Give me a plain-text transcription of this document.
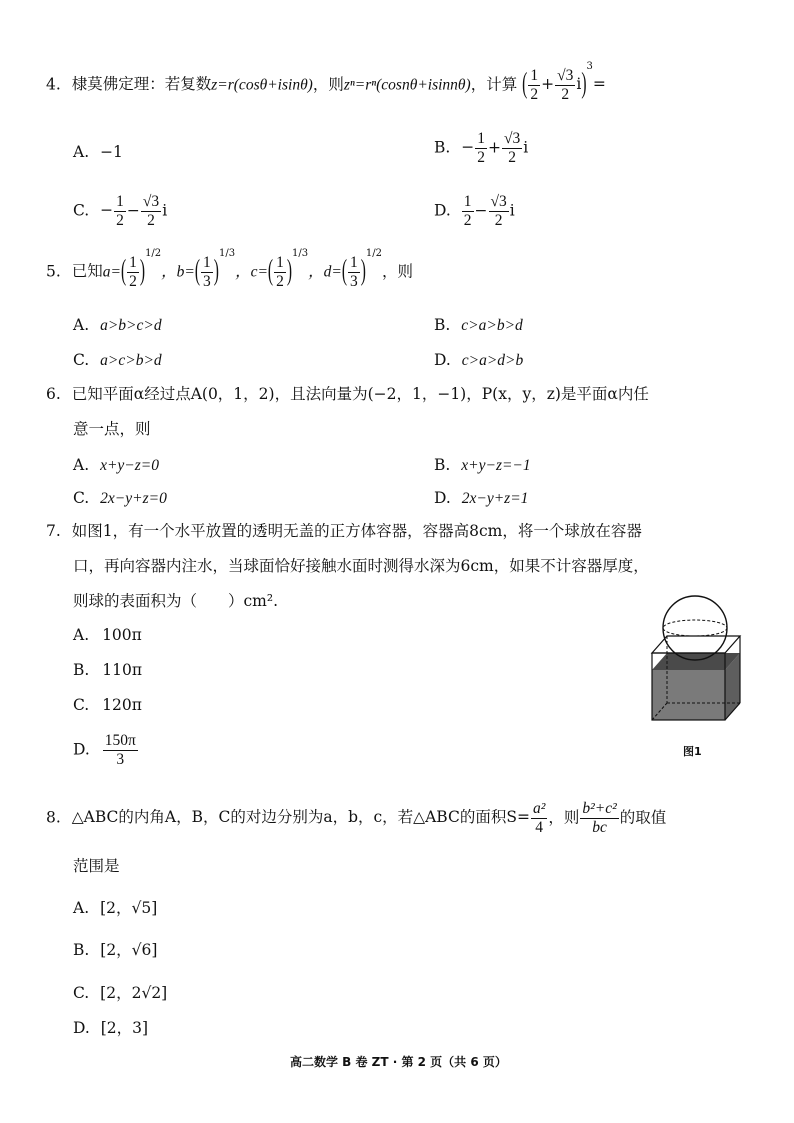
4. 棣莫佛定理：若复数z=r(cosθ+isinθ)，则zⁿ=rⁿ(cosnθ+isinnθ)，计算 ( $\frac{1}{2} + \frac{√3}{2} i)^3=$
A. −1	B. − $\frac{1}{2} + \frac{√3}{2}$ i
C. − $\frac{1}{2} - \frac{√3}{2}$ i	D. $\frac{1}{2} - \frac{√3}{2}$ i
5. 已知$a=( \frac{1}{2} )^{1/2}$，$b=( \frac{1}{3} )^{1/3}$，$c=( \frac{1}{2} )^{1/3}$，$d=( \frac{1}{3} )^{1/2}$，则
A. a>b>c>d	B. c>a>b>d
C. a>c>b>d	D. c>a>d>b
6. 已知平面α经过点A(0，1，2)，且法向量为(−2，1，−1)，P(x，y，z)是平面α内任
意一点，则
A. x+y−z=0	B. x+y−z=−1
C. 2x−y+z=0	D. 2x−y+z=1
7. 如图1，有一个水平放置的透明无盖的正方体容器，容器高8cm，将一个球放在容器
口，再向容器内注水，当球面恰好接触水面时测得水深为6cm，如果不计容器厚度，
则球的表面积为（　　）cm².
A. 100π
B. 110π
C. 120π
D. $\frac{150\pi}{3}$	图1
8. △ABC的内角A，B，C的对边分别为a，b，c，若△ABC的面积$S= \frac{\text{a²}}{4}$ ，则 $\frac{\text{b²+c²}}{bc}$ 的取值
范围是
A. [2，√5]
B. [2，√6]
C. [2，2√2]
D. [2，3]
高二数学 B 卷 ZT · 第 2 页（共 6 页）
